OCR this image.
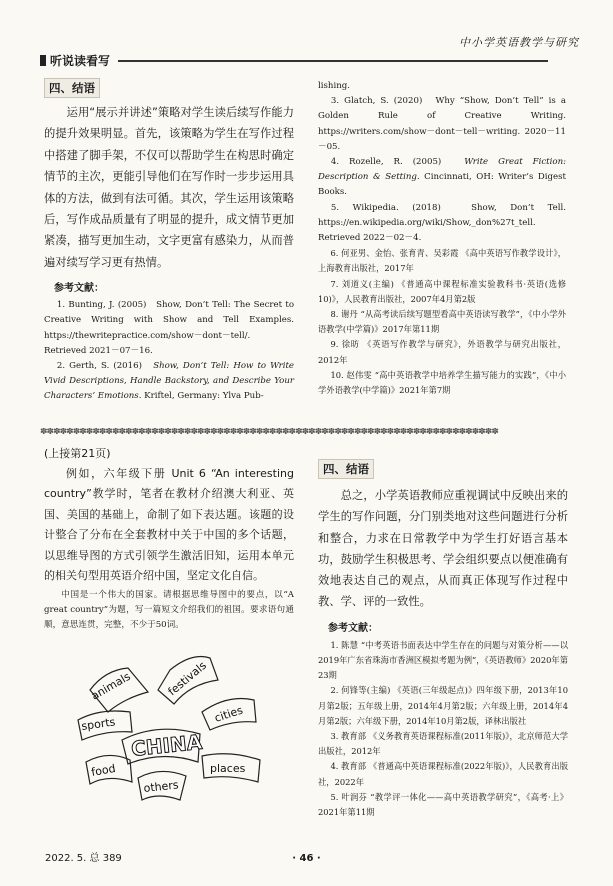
中小学英语教学与研究
听说读看写

四、结语

运用“展示并讲述”策略对学生读后续写作能力的提升效果明显。首先，该策略为学生在写作过程中搭建了脚手架，不仅可以帮助学生在构思时确定情节的主次，更能引导他们在写作时一步步运用具体的方法，做到有法可循。其次，学生运用该策略后，写作成品质量有了明显的提升，成文情节更加紧凑，描写更加生动，文字更富有感染力，从而普遍对续写学习更有热情。

参考文献：

1. Bunting, J. (2005)　Show, Don’t Tell: The Secret to Creative Writing with Show and Tell Examples. https://thewritepractice.com/show－dont－tell/. Retrieved 2021－07－16.

2. Gerth, S. (2016)　Show, Don’t Tell: How to Write Vivid Descriptions, Handle Backstory, and Describe Your Characters’ Emotions. Kriftel, Germany: Ylva Pub-

lishing.

3. Glatch, S. (2020)　Why “Show, Don’t Tell” is a Golden Rule of Creative Writing. https://writers.com/show－dont－tell－writing. 2020－11－05.

4. Rozelle, R. (2005)　Write Great Fiction: Description & Setting. Cincinnati, OH: Writer’s Digest Books.

5. Wikipedia. (2018)　Show, Don’t Tell. https://en.wikipedia.org/wiki/Show,_don%27t_tell. Retrieved 2022－02－4.

6. 何亚男、金怡、张育青、吴彩霞 《高中英语写作教学设计》，上海教育出版社，2017年

7. 刘道义(主编) 《普通高中课程标准实验教科书·英语(选修10)》，人民教育出版社，2007年4月第2版

8. 谢丹 “从高考读后续写题型看高中英语读写教学”，《中小学外语教学(中学篇)》2017年第11期

9. 徐昉 《英语写作教学与研究》，外语教学与研究出版社，2012年

10. 赵伟雯 “高中英语教学中培养学生描写能力的实践”，《中小学外语教学(中学篇)》2021年第7期

✽✽✽✽✽✽✽✽✽✽✽✽✽✽✽✽✽✽✽✽✽✽✽✽✽✽✽✽✽✽✽✽✽✽✽✽✽✽✽✽✽✽✽✽✽✽✽✽✽✽✽✽✽✽✽✽✽✽✽✽✽✽✽✽✽✽✽✽✽✽

(上接第21页)

例如，六年级下册 Unit 6 “An interesting country”教学时，笔者在教材介绍澳大利亚、英国、美国的基础上，命制了如下表达题。该题的设计整合了分布在全套教材中关于中国的多个话题，以思维导图的方式引领学生激活旧知，运用本单元的相关句型用英语介绍中国，坚定文化自信。

中国是一个伟大的国家。请根据思维导图中的要点，以“A great country”为题，写一篇短文介绍我们的祖国。要求语句通顺，意思连贯，完整，不少于50词。

animals	festivals
sports	cities
CHINA
food	places
others

四、结语

总之，小学英语教师应重视调试中反映出来的学生的写作问题，分门别类地对这些问题进行分析和整合，力求在日常教学中为学生打好语言基本功，鼓励学生积极思考、学会组织要点以便准确有效地表达自己的观点，从而真正体现写作过程中教、学、评的一致性。

参考文献：

1. 陈慧 “中考英语书面表达中学生存在的问题与对策分析——以2019年广东省珠海市香洲区模拟考题为例”，《英语教师》2020年第23期

2. 何锋等(主编) 《英语(三年级起点)》四年级下册，2013年10月第2版；五年级上册，2014年4月第2版；六年级上册，2014年4月第2版；六年级下册，2014年10月第2版，译林出版社

3. 教育部 《义务教育英语课程标准(2011年版)》，北京师范大学出版社，2012年

4. 教育部 《普通高中英语课程标准(2022年版)》，人民教育出版社，2022年

5. 叶润芬 “教学评一体化——高中英语教学研究”，《高考·上》2021年第11期

2022. 5. 总 389	· 46 ·
